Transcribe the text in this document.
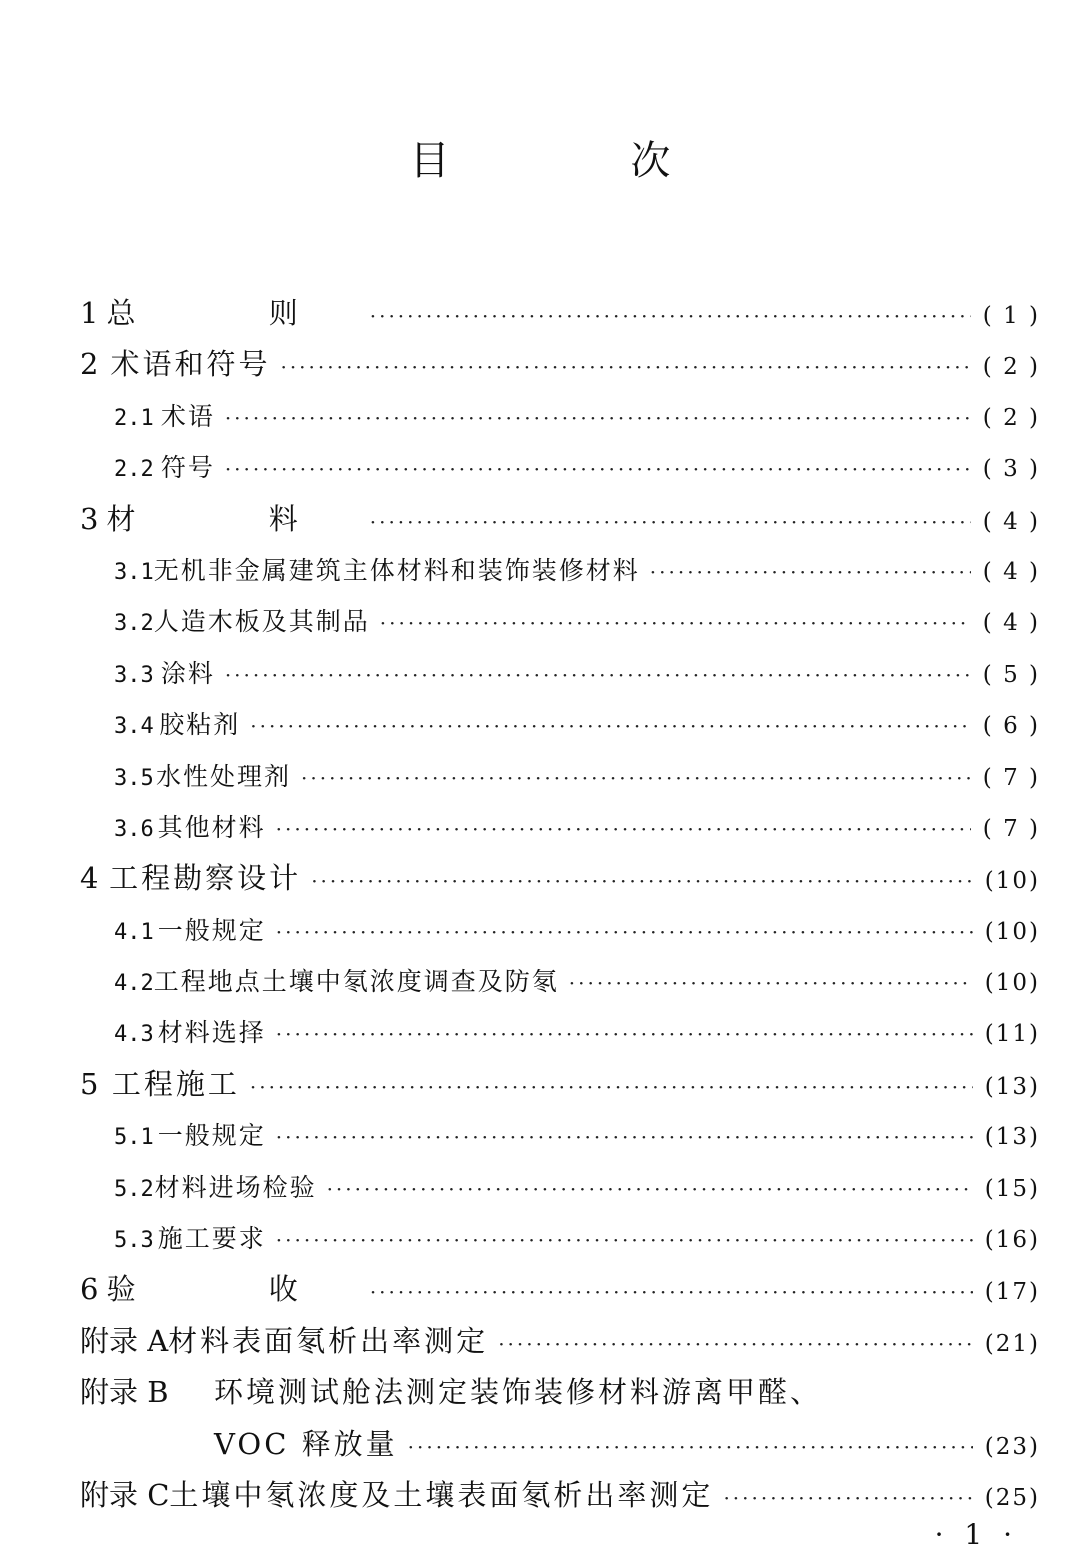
目 次
1 总 则 ·····	( 1 )
2 术语和符号 ·····	( 2 )
2.1 术语 ·····	( 2 )
2.2 符号 ·····	( 3 )
3 材 料 ·····	( 4 )
3.1 无机非金属建筑主体材料和装饰装修材料 ·····	( 4 )
3.2 人造木板及其制品 ·····	( 4 )
3.3 涂料 ·····	( 5 )
3.4 胶粘剂 ·····	( 6 )
3.5 水性处理剂 ·····	( 7 )
3.6 其他材料 ·····	( 7 )
4 工程勘察设计 ·····	(10)
4.1 一般规定 ·····	(10)
4.2 工程地点土壤中氡浓度调查及防氡 ·····	(10)
4.3 材料选择 ·····	(11)
5 工程施工 ·····	(13)
5.1 一般规定 ·····	(13)
5.2 材料进场检验 ·····	(15)
5.3 施工要求 ·····	(16)
6 验 收 ·····	(17)
附录 A 材料表面氡析出率测定 ·····	(21)
附录 B	环境测试舱法测定装饰装修材料游离甲醛、
VOC 释放量 ·····	(23)
附录 C 土壤中氡浓度及土壤表面氡析出率测定 ·····	(25)
· 1 ·
